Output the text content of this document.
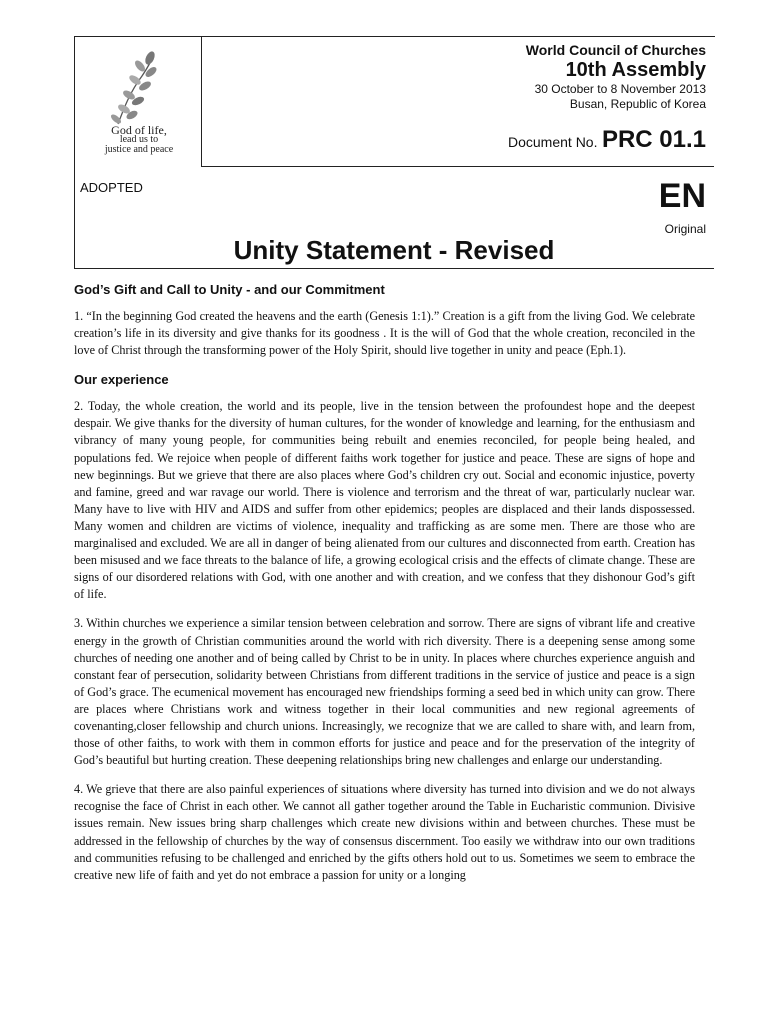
God of life,
lead us to
justice and peace
World Council of Churches
10th Assembly
30 October to 8 November 2013
Busan, Republic of Korea
Document No. PRC 01.1
ADOPTED	EN
Original
Unity Statement - Revised
God’s Gift and Call to Unity - and our Commitment

1. “In the beginning God created the heavens and the earth (Genesis 1:1).” Creation is a gift from the living God. We celebrate creation’s life in its diversity and give thanks for its goodness . It is the will of God that the whole creation, reconciled in the love of Christ through the transforming power of the Holy Spirit, should live together in unity and peace (Eph.1).

Our experience

2. Today, the whole creation, the world and its people, live in the tension between the profoundest hope and the deepest despair. We give thanks for the diversity of human cultures, for the wonder of knowledge and learning, for the enthusiasm and vibrancy of many young people, for communities being rebuilt and enemies reconciled, for people being healed, and populations fed. We rejoice when people of different faiths work together for justice and peace. These are signs of hope and new beginnings. But we grieve that there are also places where God’s children cry out. Social and economic injustice, poverty and famine, greed and war ravage our world. There is violence and terrorism and the threat of war, particularly nuclear war. Many have to live with HIV and AIDS and suffer from other epidemics; peoples are displaced and their lands dispossessed. Many women and children are victims of violence, inequality and trafficking as are some men. There are those who are marginalised and excluded. We are all in danger of being alienated from our cultures and disconnected from earth. Creation has been misused and we face threats to the balance of life, a growing ecological crisis and the effects of climate change. These are signs of our disordered relations with God, with one another and with creation, and we confess that they dishonour God’s gift of life.

3. Within churches we experience a similar tension between celebration and sorrow. There are signs of vibrant life and creative energy in the growth of Christian communities around the world with rich diversity. There is a deepening sense among some churches of needing one another and of being called by Christ to be in unity. In places where churches experience anguish and constant fear of persecution, solidarity between Christians from different traditions in the service of justice and peace is a sign of God’s grace. The ecumenical movement has encouraged new friendships forming a seed bed in which unity can grow. There are places where Christians work and witness together in their local communities and new regional agreements of covenanting,closer fellowship and church unions. Increasingly, we recognize that we are called to share with, and learn from, those of other faiths, to work with them in common efforts for justice and peace and for the preservation of the integrity of God’s beautiful but hurting creation. These deepening relationships bring new challenges and enlarge our understanding.

4. We grieve that there are also painful experiences of situations where diversity has turned into division and we do not always recognise the face of Christ in each other. We cannot all gather together around the Table in Eucharistic communion. Divisive issues remain. New issues bring sharp challenges which create new divisions within and between churches. These must be addressed in the fellowship of churches by the way of consensus discernment. Too easily we withdraw into our own traditions and communities refusing to be challenged and enriched by the gifts others hold out to us. Sometimes we seem to embrace the creative new life of faith and yet do not embrace a passion for unity or a longing
